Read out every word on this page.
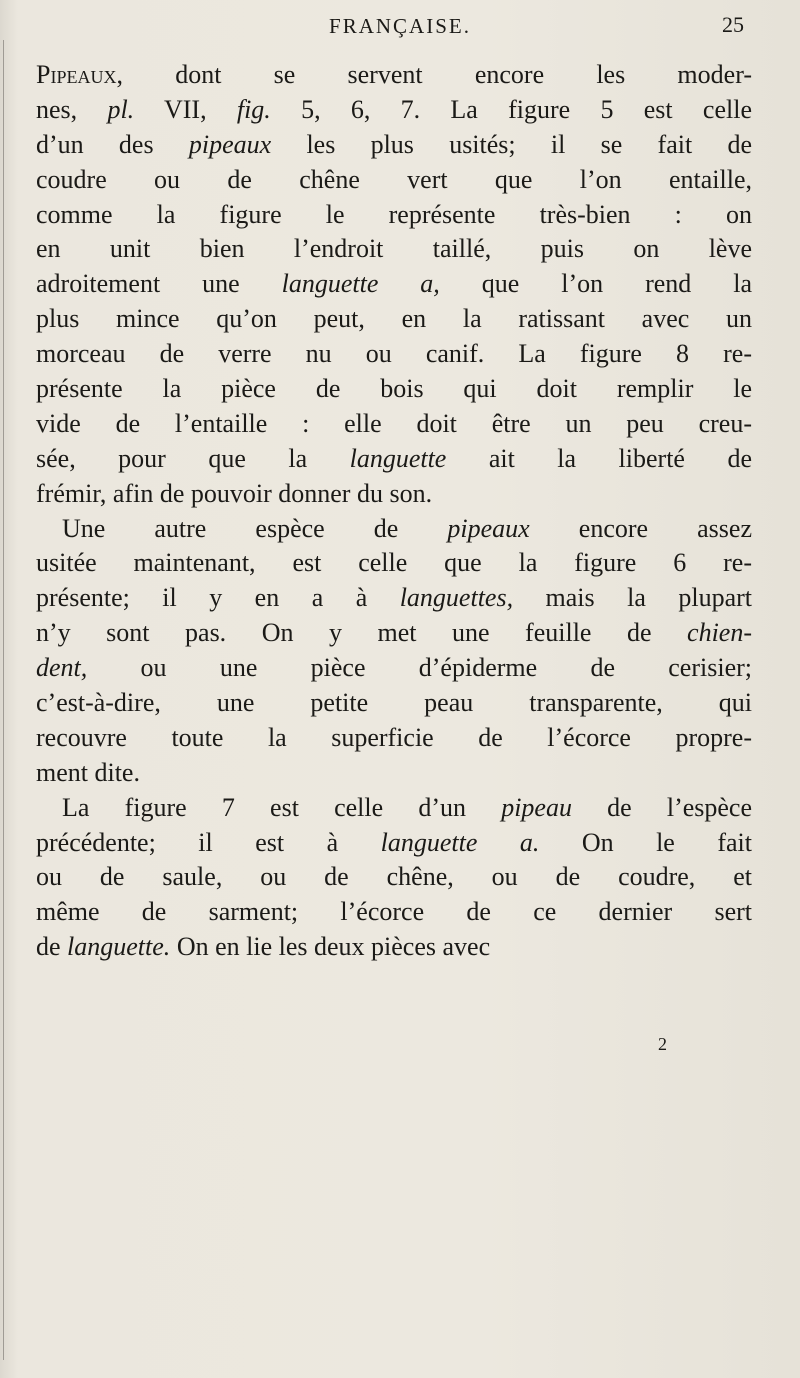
FRANÇAISE.	25
Pipeaux, dont se servent encore les moder-
nes, pl. VII, fig. 5, 6, 7. La figure 5 est celle
d’un des pipeaux les plus usités; il se fait de
coudre ou de chêne vert que l’on entaille,
comme la figure le représente très-bien : on
en unit bien l’endroit taillé, puis on lève
adroitement une languette a, que l’on rend la
plus mince qu’on peut, en la ratissant avec un
morceau de verre nu ou canif. La figure 8 re-
présente la pièce de bois qui doit remplir le
vide de l’entaille : elle doit être un peu creu-
sée, pour que la languette ait la liberté de
frémir, afin de pouvoir donner du son.
Une autre espèce de pipeaux encore assez
usitée maintenant, est celle que la figure 6 re-
présente; il y en a à languettes, mais la plupart
n’y sont pas. On y met une feuille de chien-
dent, ou une pièce d’épiderme de cerisier;
c’est-à-dire, une petite peau transparente, qui
recouvre toute la superficie de l’écorce propre-
ment dite.
La figure 7 est celle d’un pipeau de l’espèce
précédente; il est à languette a. On le fait
ou de saule, ou de chêne, ou de coudre, et
même de sarment; l’écorce de ce dernier sert
de languette. On en lie les deux pièces avec
2
